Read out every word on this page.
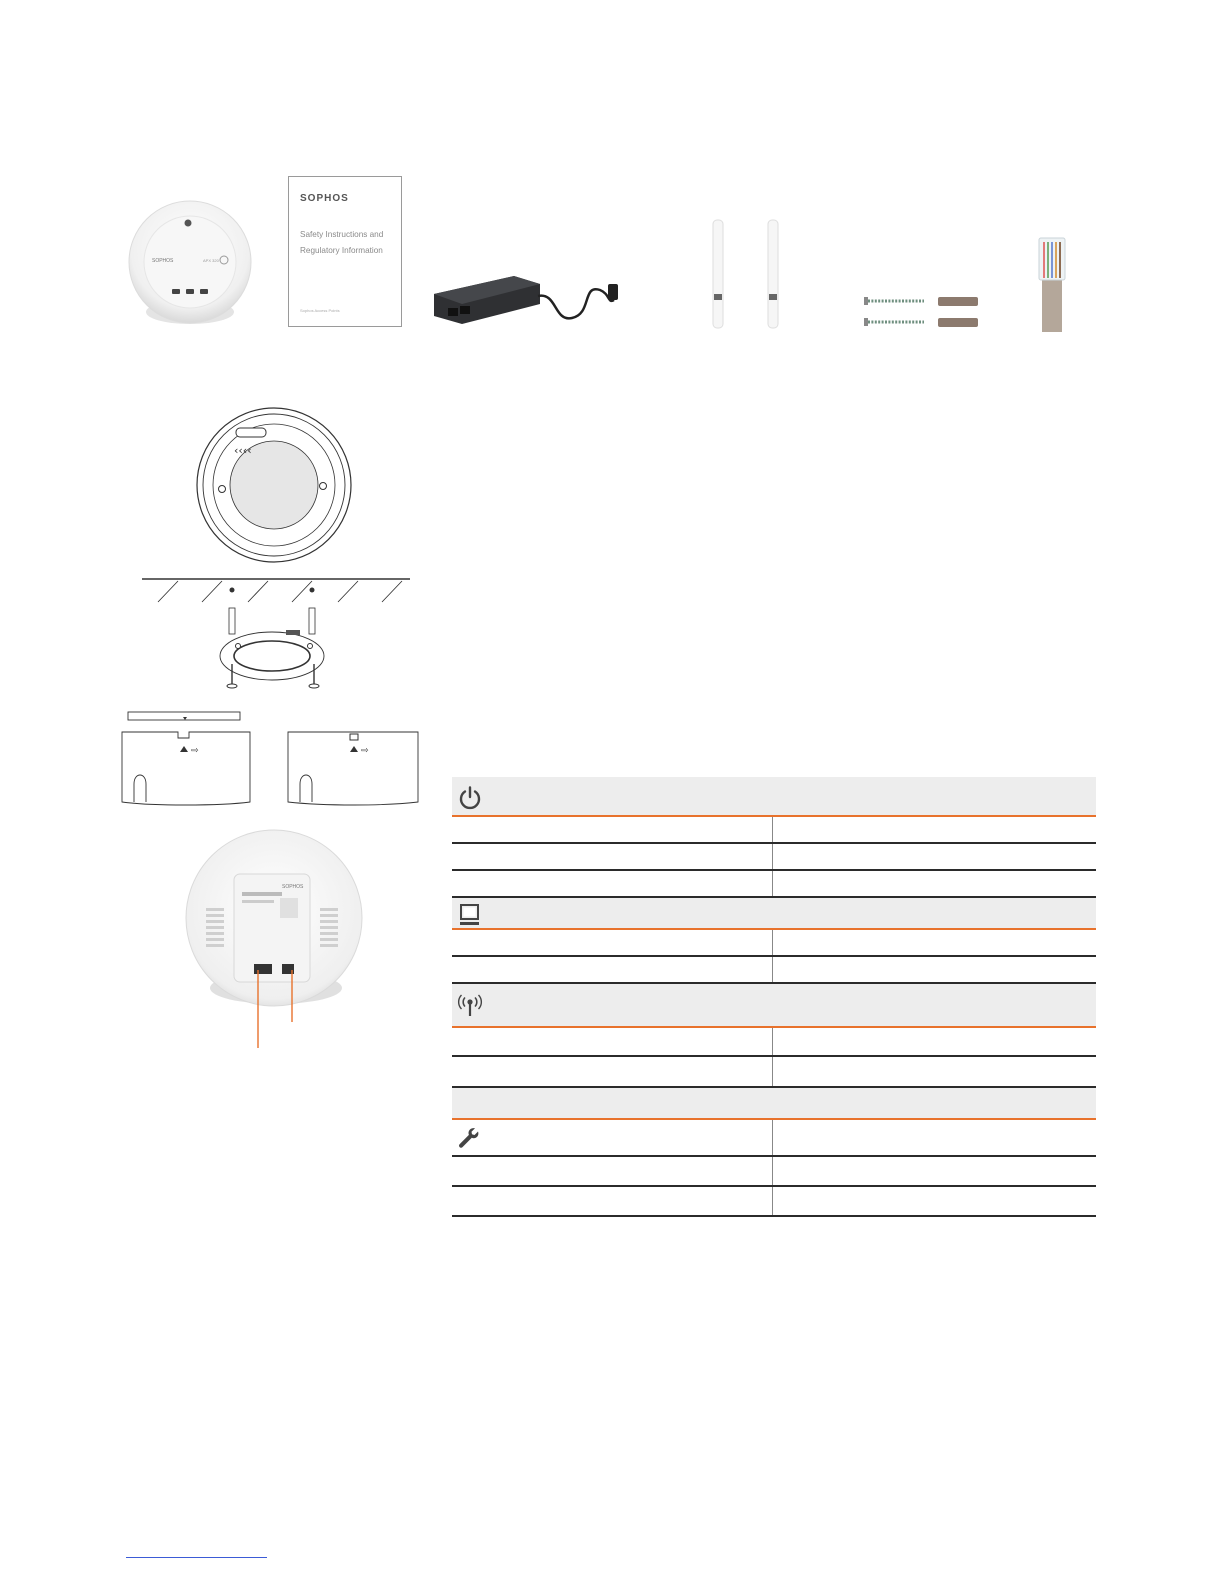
SOPHOS	APX 320
SOPHOS
Safety Instructions and
Regulatory Information
Sophos Access Points
‹‹‹‹
⇨	⇨
SOPHOS
